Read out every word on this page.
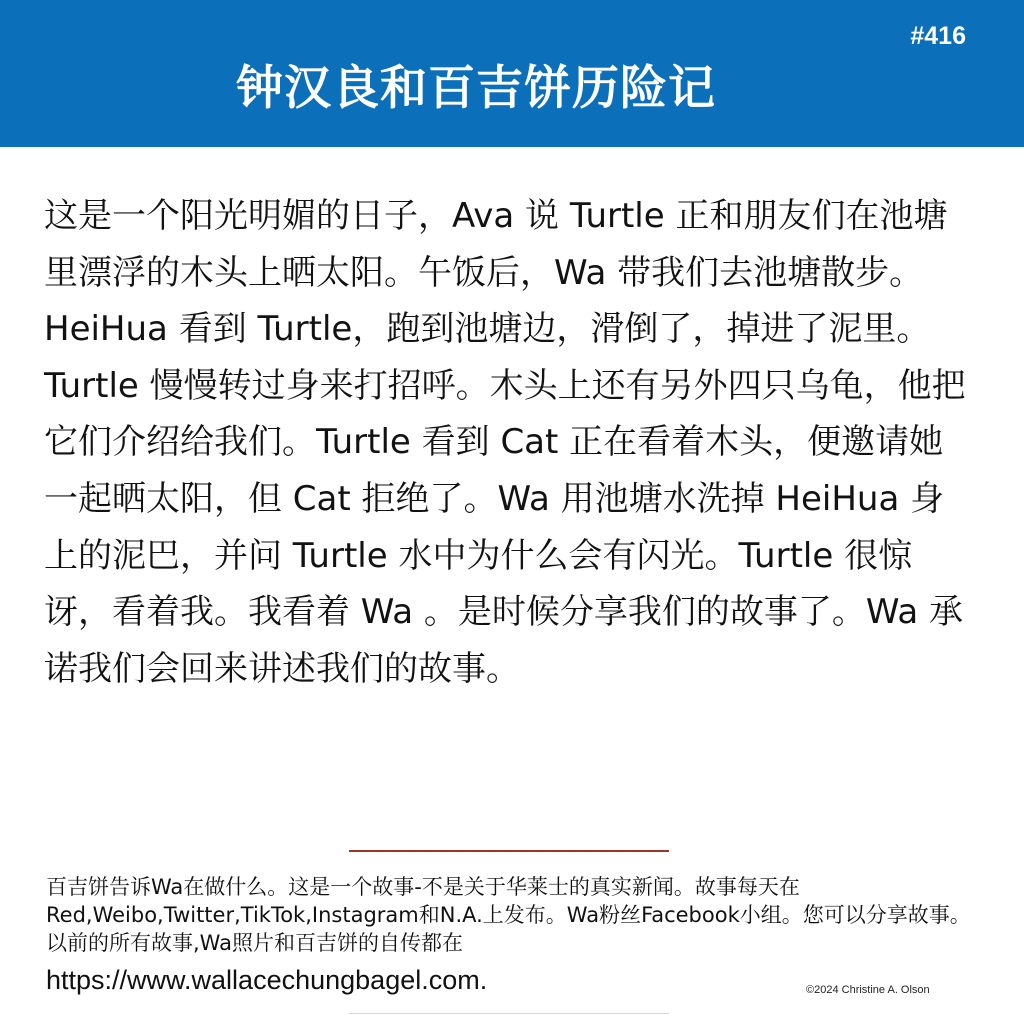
#416
钟汉良和百吉饼历险记

这是一个阳光明媚的日子，Ava 说 Turtle 正和朋友们在池塘里漂浮的木头上晒太阳。午饭后，Wa 带我们去池塘散步。HeiHua 看到 Turtle，跑到池塘边，滑倒了，掉进了泥里。Turtle 慢慢转过身来打招呼。木头上还有另外四只乌龟，他把它们介绍给我们。Turtle 看到 Cat 正在看着木头，便邀请她一起晒太阳，但 Cat 拒绝了。Wa 用池塘水洗掉 HeiHua 身上的泥巴，并问 Turtle 水中为什么会有闪光。Turtle 很惊讶，看着我。我看着 Wa 。是时候分享我们的故事了。Wa 承诺我们会回来讲述我们的故事。

百吉饼告诉Wa在做什么。这是一个故事-不是关于华莱士的真实新闻。故事每天在Red,Weibo,Twitter,TikTok,Instagram和N.A.上发布。Wa粉丝Facebook小组。您可以分享故事。以前的所有故事,Wa照片和百吉饼的自传都在

https://www.wallacechungbagel.com.	©2024 Christine A. Olson
